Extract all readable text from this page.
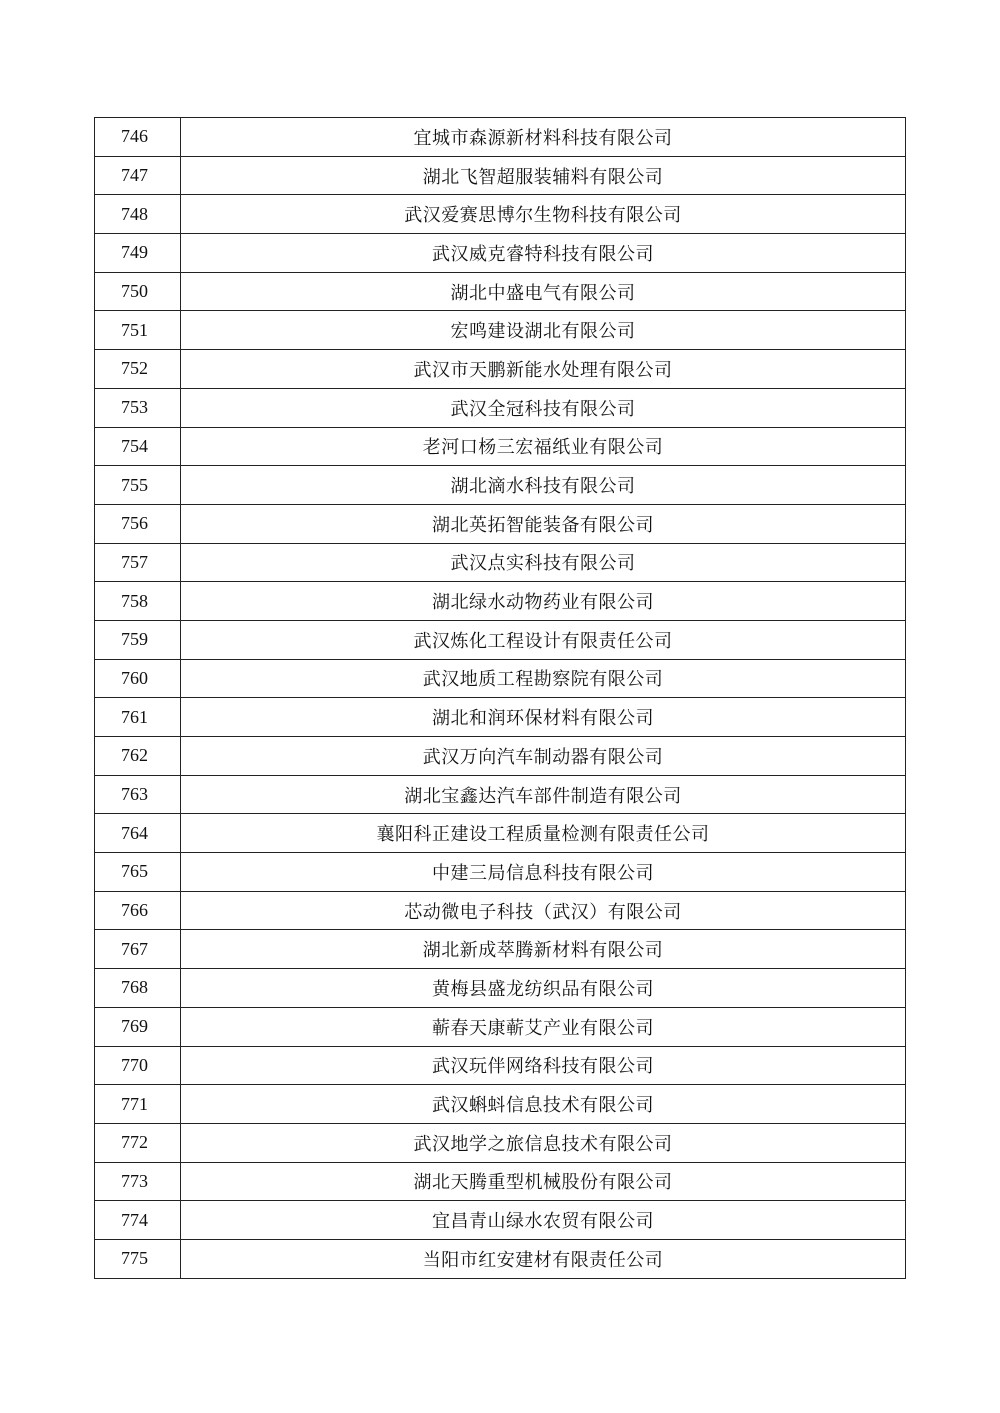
746	宜城市森源新材料科技有限公司
747	湖北飞智超服装辅料有限公司
748	武汉爱赛思博尔生物科技有限公司
749	武汉威克睿特科技有限公司
750	湖北中盛电气有限公司
751	宏鸣建设湖北有限公司
752	武汉市天鹏新能水处理有限公司
753	武汉全冠科技有限公司
754	老河口杨三宏福纸业有限公司
755	湖北滴水科技有限公司
756	湖北英拓智能装备有限公司
757	武汉点实科技有限公司
758	湖北绿水动物药业有限公司
759	武汉炼化工程设计有限责任公司
760	武汉地质工程勘察院有限公司
761	湖北和润环保材料有限公司
762	武汉万向汽车制动器有限公司
763	湖北宝鑫达汽车部件制造有限公司
764	襄阳科正建设工程质量检测有限责任公司
765	中建三局信息科技有限公司
766	芯动微电子科技（武汉）有限公司
767	湖北新成萃腾新材料有限公司
768	黄梅县盛龙纺织品有限公司
769	蕲春天康蕲艾产业有限公司
770	武汉玩伴网络科技有限公司
771	武汉蝌蚪信息技术有限公司
772	武汉地学之旅信息技术有限公司
773	湖北天腾重型机械股份有限公司
774	宜昌青山绿水农贸有限公司
775	当阳市红安建材有限责任公司
